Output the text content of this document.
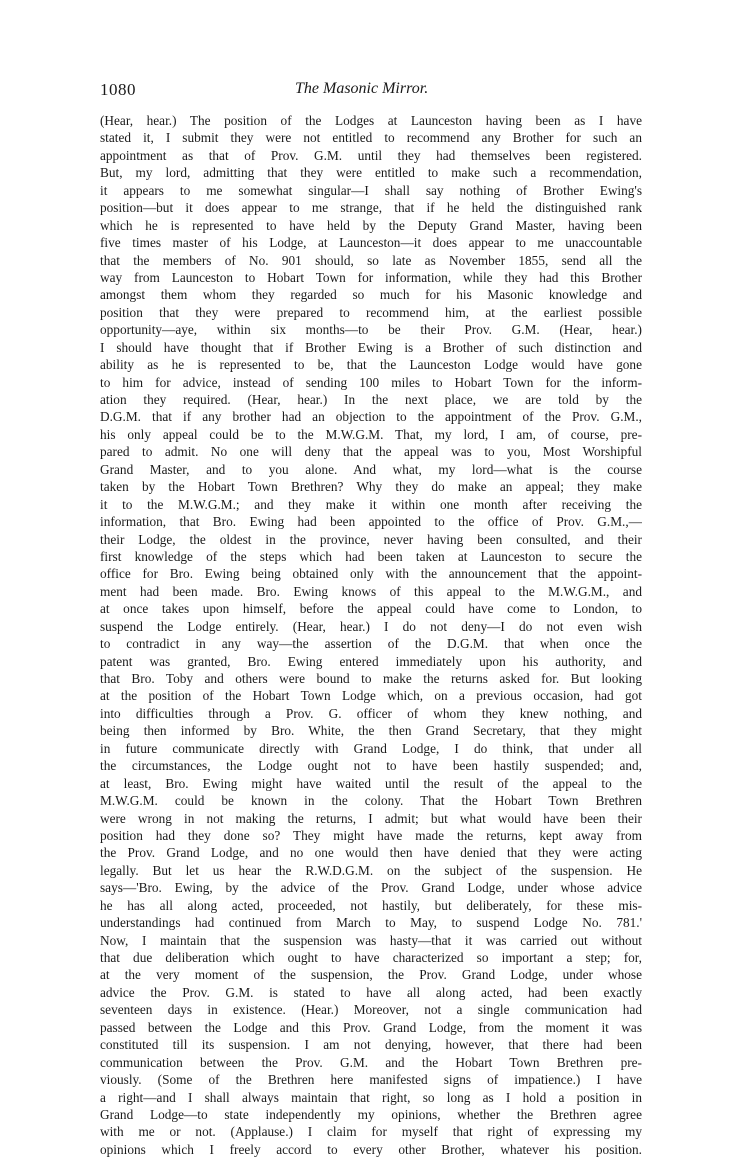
1080	The Masonic Mirror.
(Hear, hear.) The position of the Lodges at Launceston having been as I have
stated it, I submit they were not entitled to recommend any Brother for such an
appointment as that of Prov. G.M. until they had themselves been registered.
But, my lord, admitting that they were entitled to make such a recommendation,
it appears to me somewhat singular—I shall say nothing of Brother Ewing's
position—but it does appear to me strange, that if he held the distinguished rank
which he is represented to have held by the Deputy Grand Master, having been
five times master of his Lodge, at Launceston—it does appear to me unaccountable
that the members of No. 901 should, so late as November 1855, send all the
way from Launceston to Hobart Town for information, while they had this Brother
amongst them whom they regarded so much for his Masonic knowledge and
position that they were prepared to recommend him, at the earliest possible
opportunity—aye, within six months—to be their Prov. G.M. (Hear, hear.)
I should have thought that if Brother Ewing is a Brother of such distinction and
ability as he is represented to be, that the Launceston Lodge would have gone
to him for advice, instead of sending 100 miles to Hobart Town for the inform-
ation they required. (Hear, hear.) In the next place, we are told by the
D.G.M. that if any brother had an objection to the appointment of the Prov. G.M.,
his only appeal could be to the M.W.G.M. That, my lord, I am, of course, pre-
pared to admit. No one will deny that the appeal was to you, Most Worshipful
Grand Master, and to you alone. And what, my lord—what is the course
taken by the Hobart Town Brethren? Why they do make an appeal; they make
it to the M.W.G.M.; and they make it within one month after receiving the
information, that Bro. Ewing had been appointed to the office of Prov. G.M.,—
their Lodge, the oldest in the province, never having been consulted, and their
first knowledge of the steps which had been taken at Launceston to secure the
office for Bro. Ewing being obtained only with the announcement that the appoint-
ment had been made. Bro. Ewing knows of this appeal to the M.W.G.M., and
at once takes upon himself, before the appeal could have come to London, to
suspend the Lodge entirely. (Hear, hear.) I do not deny—I do not even wish
to contradict in any way—the assertion of the D.G.M. that when once the
patent was granted, Bro. Ewing entered immediately upon his authority, and
that Bro. Toby and others were bound to make the returns asked for. But looking
at the position of the Hobart Town Lodge which, on a previous occasion, had got
into difficulties through a Prov. G. officer of whom they knew nothing, and
being then informed by Bro. White, the then Grand Secretary, that they might
in future communicate directly with Grand Lodge, I do think, that under all
the circumstances, the Lodge ought not to have been hastily suspended; and,
at least, Bro. Ewing might have waited until the result of the appeal to the
M.W.G.M. could be known in the colony. That the Hobart Town Brethren
were wrong in not making the returns, I admit; but what would have been their
position had they done so? They might have made the returns, kept away from
the Prov. Grand Lodge, and no one would then have denied that they were acting
legally. But let us hear the R.W.D.G.M. on the subject of the suspension. He
says—'Bro. Ewing, by the advice of the Prov. Grand Lodge, under whose advice
he has all along acted, proceeded, not hastily, but deliberately, for these mis-
understandings had continued from March to May, to suspend Lodge No. 781.'
Now, I maintain that the suspension was hasty—that it was carried out without
that due deliberation which ought to have characterized so important a step; for,
at the very moment of the suspension, the Prov. Grand Lodge, under whose
advice the Prov. G.M. is stated to have all along acted, had been exactly
seventeen days in existence. (Hear.) Moreover, not a single communication had
passed between the Lodge and this Prov. Grand Lodge, from the moment it was
constituted till its suspension. I am not denying, however, that there had been
communication between the Prov. G.M. and the Hobart Town Brethren pre-
viously. (Some of the Brethren here manifested signs of impatience.) I have
a right—and I shall always maintain that right, so long as I hold a position in
Grand Lodge—to state independently my opinions, whether the Brethren agree
with me or not. (Applause.) I claim for myself that right of expressing my
opinions which I freely accord to every other Brother, whatever his position.
